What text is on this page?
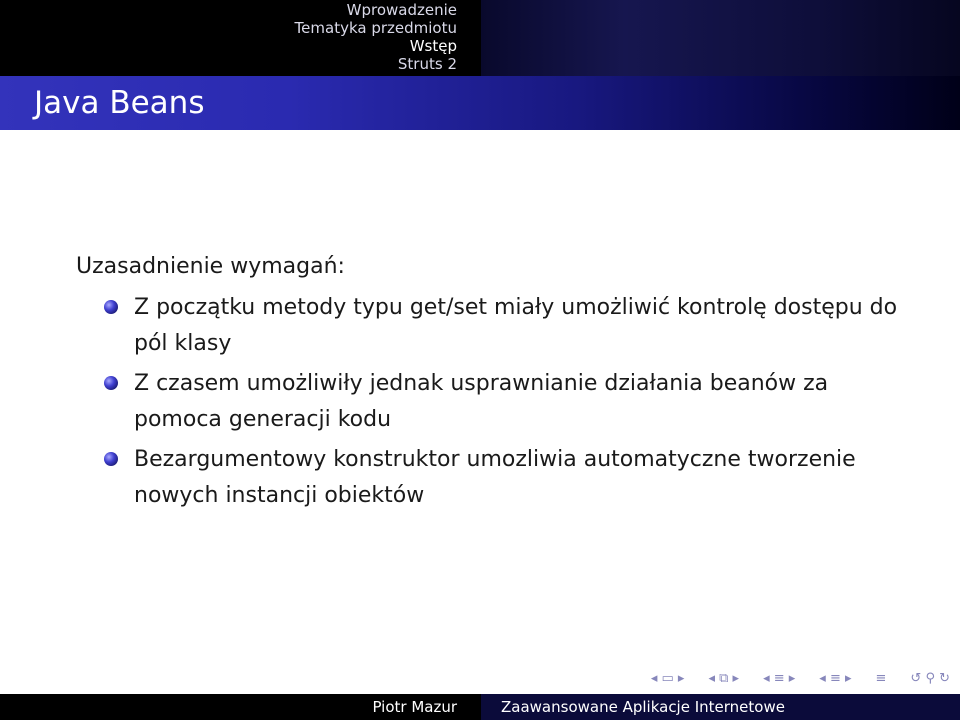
Wprowadzenie
Tematyka przedmiotu
Wstęp
Struts 2
Java Beans
Uzasadnienie wymagań:
Z początku metody typu get/set miały umożliwić kontrolę dostępu do pól klasy
Z czasem umożliwiły jednak usprawnianie działania beanów za pomoca generacji kodu
Bezargumentowy konstruktor umozliwia automatyczne tworzenie nowych instancji obiektów
◂ ▭ ▸ ◂ ⧉ ▸ ◂ ≡ ▸ ◂ ≡ ▸ ≡ ↺ ⚲ ↻
Piotr Mazur	Zaawansowane Aplikacje Internetowe
